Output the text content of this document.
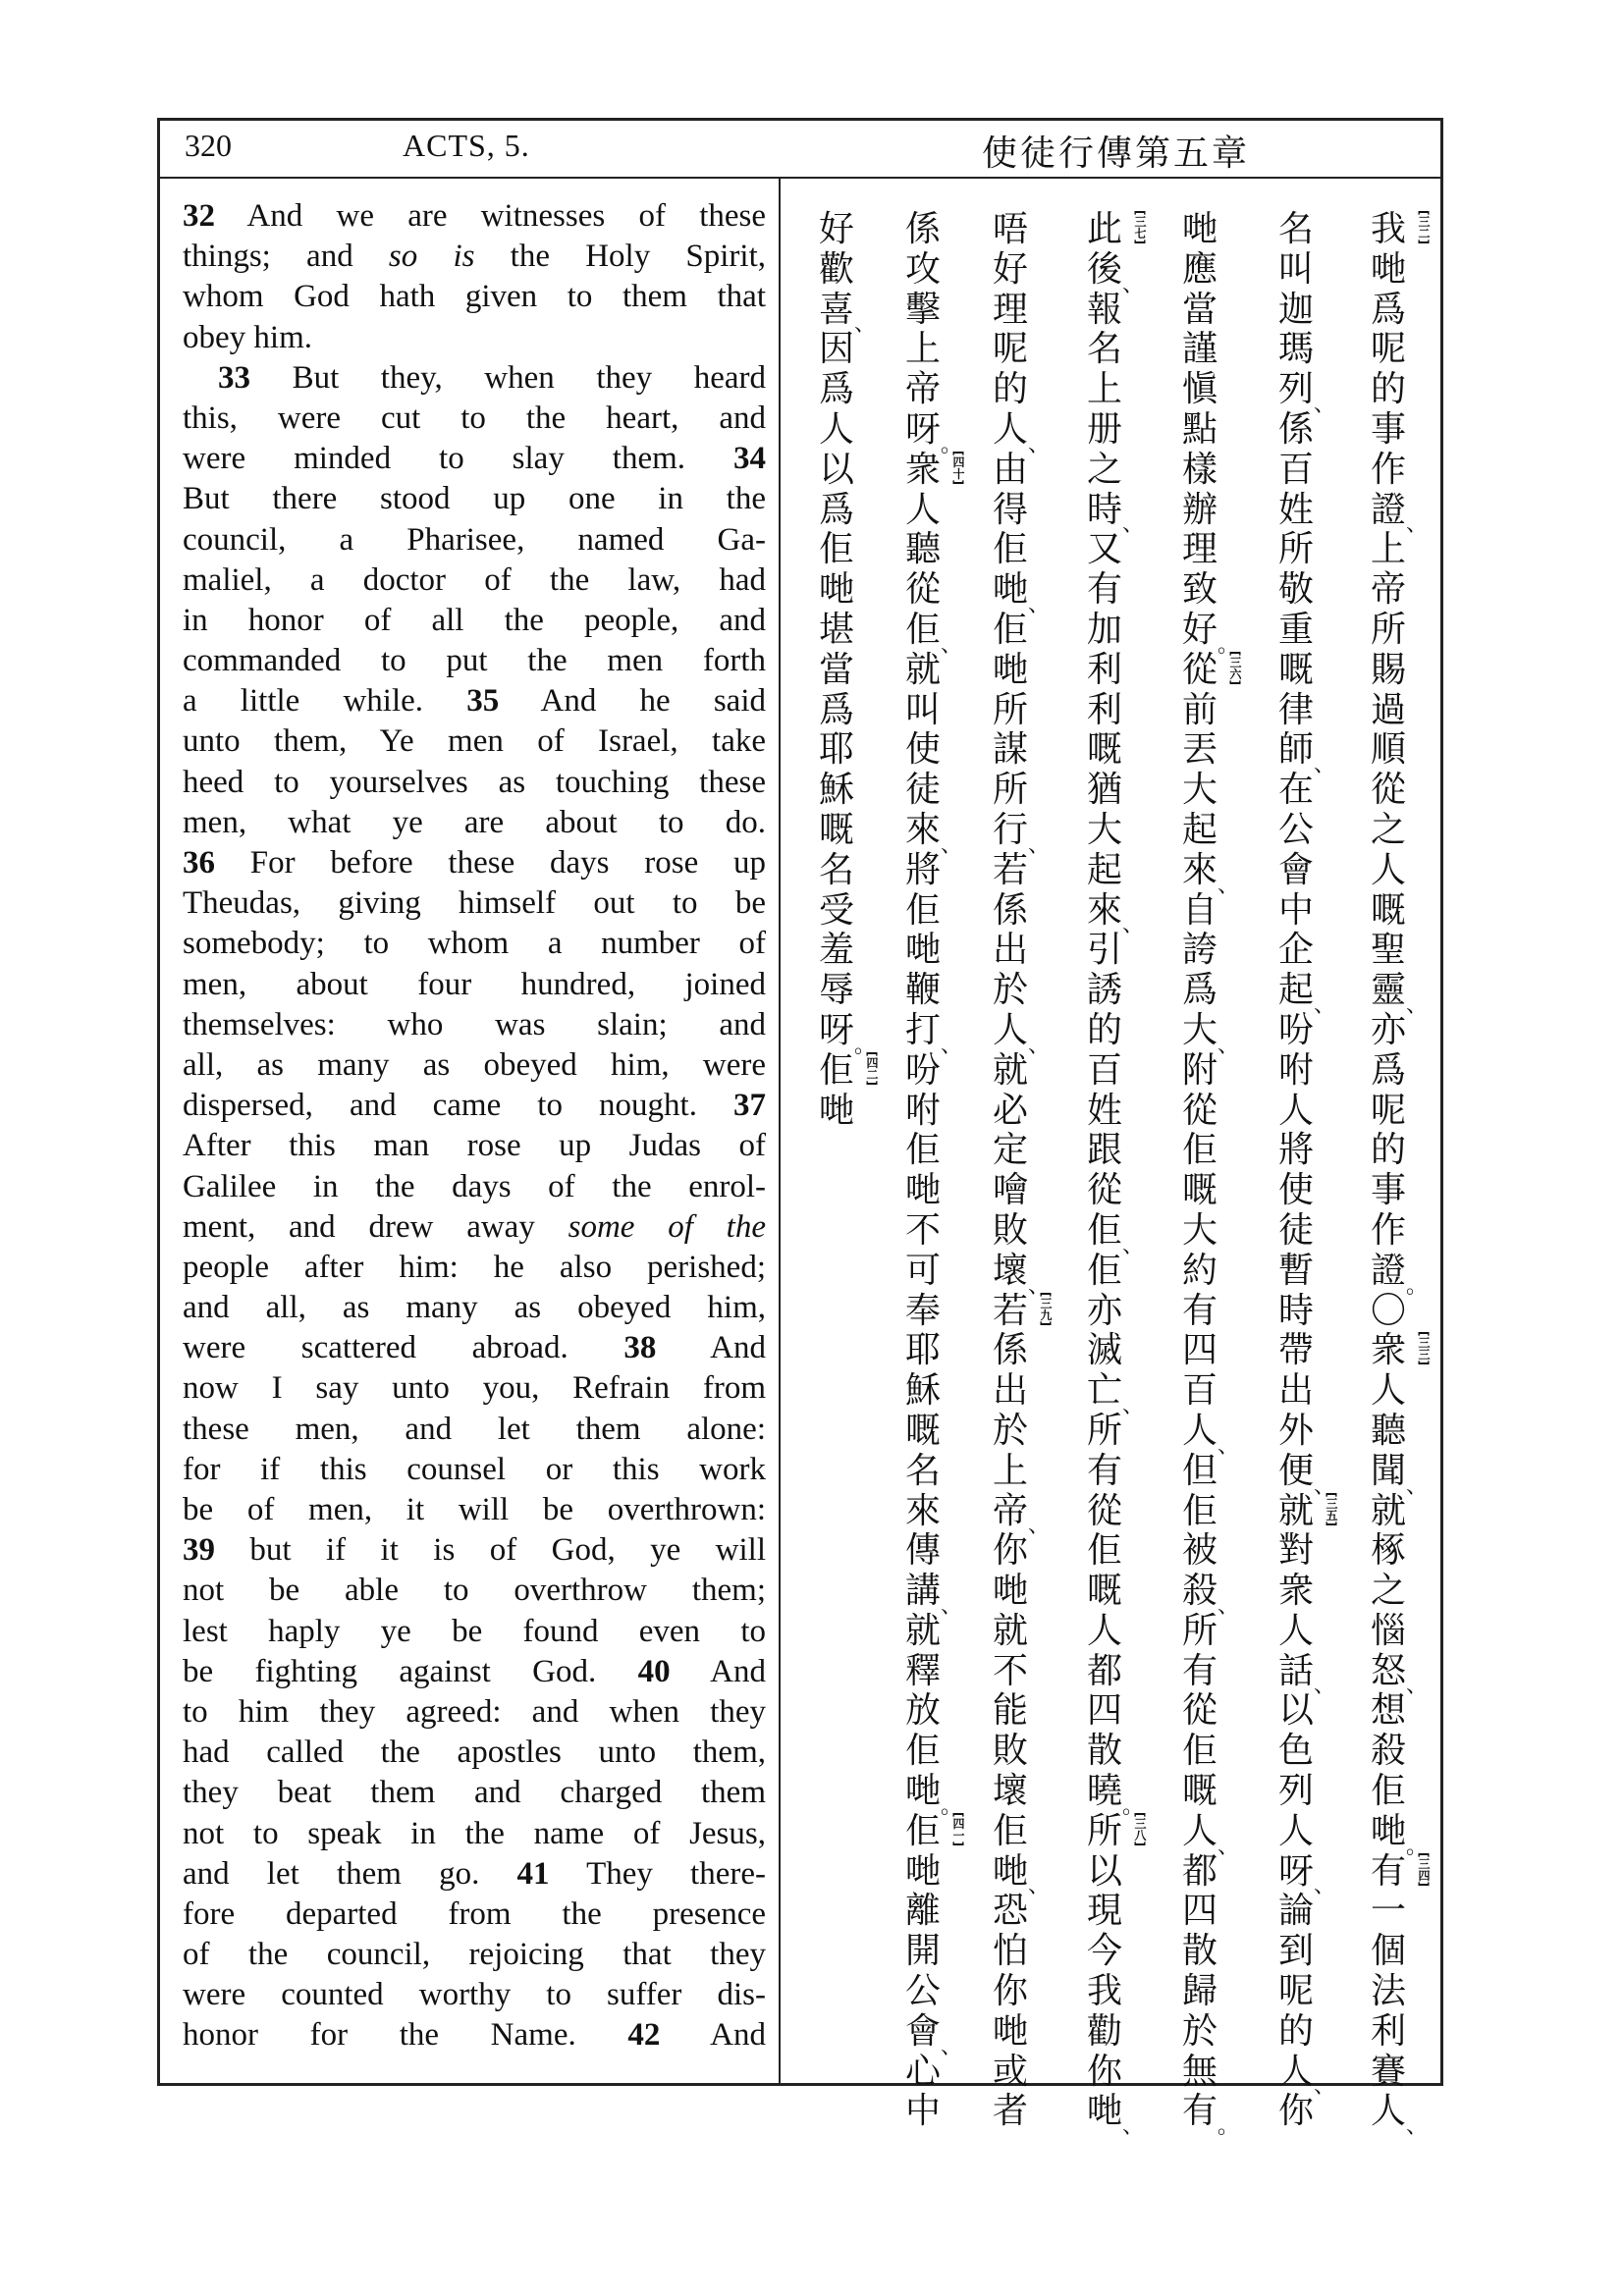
320	ACTS, 5.	使徒行傳第五章
32 And we are witnesses of these
things; and so is the Holy Spirit,
whom God hath given to them that
obey him.
33 But they, when they heard
this, were cut to the heart, and
were minded to slay them. 34
But there stood up one in the
council, a Pharisee, named Ga-
maliel, a doctor of the law, had
in honor of all the people, and
commanded to put the men forth
a little while. 35 And he said
unto them, Ye men of Israel, take
heed to yourselves as touching these
men, what ye are about to do.
36 For before these days rose up
Theudas, giving himself out to be
somebody; to whom a number of
men, about four hundred, joined
themselves: who was slain; and
all, as many as obeyed him, were
dispersed, and came to nought. 37
After this man rose up Judas of
Galilee in the days of the enrol-
ment, and drew away some of the
people after him: he also perished;
and all, as many as obeyed him,
were scattered abroad. 38 And
now I say unto you, Refrain from
these men, and let them alone:
for if this counsel or this work
be of men, it will be overthrown:
39 but if it is of God, ye will
not be able to overthrow them;
lest haply ye be found even to
be fighting against God. 40 And
to him they agreed: and when they
had called the apostles unto them,
they beat them and charged them
not to speak in the name of Jesus,
and let them go. 41 They there-
fore departed from the presence
of the council, rejoicing that they
were counted worthy to suffer dis-
honor for the Name. 42 And
[三二]
我
哋
爲
呢
的
事
作
證 、
上
帝
所
賜
過
順
從
之
人
嘅
聖
靈 、
亦
爲
呢
的
事
作
證 。
〇
[三三]
衆
人
聽
聞 、
就
椓
之
惱
怒 、
想
殺
佢
哋 。
[三四]
有
一
個
法
利
賽
人 、
名
叫
迦
瑪
列 、
係
百
姓
所
敬
重
嘅
律
師 、
在
公
會
中
企
起 、
吩
咐
人
將
使
徒
暫
時
帶
出
外
便 、
[三五]
就
對
衆
人
話 、
以
色
列
人
呀 、
論
到
呢
的
人 、
你
哋
應
當
謹
愼
點
樣
辦
理
致
好 。
[三六]
從
前
丟
大
起
來 、
自
誇
爲
大 、
附
從
佢
嘅
大
約
有
四
百
人 、
但
佢
被
殺 、
所
有
從
佢
嘅
人 、
都
四
散
歸
於
無
有 。
[三七]
此
後 、
報
名
上
册
之
時 、
又
有
加
利
利
嘅
猶
大
起
來 、
引
誘
的
百
姓
跟
從
佢 、
佢
亦
滅
亡 、
所
有
從
佢
嘅
人
都
四
散
曉 。
[三八]
所
以
現
今
我
勸
你
哋 、
唔
好
理
呢
的
人 、
由
得
佢
哋 、
佢
哋
所
謀
所
行 、
若
係
出
於
人 、
就
必
定
噲
敗
壞 、
[三九]
若
係
出
於
上
帝 、
你
哋
就
不
能
敗
壞
佢
哋 、
恐
怕
你
哋
或
者
係
攻
擊
上
帝
呀 。
[四十]
衆
人
聽
從
佢 、
就
叫
使
徒
來 、
將
佢
哋
鞭
打 、
吩
咐
佢
哋
不
可
奉
耶
穌
嘅
名
來
傳
講 、
就
釋
放
佢
哋 。
[四一]
佢
哋
離
開
公
會 、
心
中
好
歡
喜 、
因
爲
人
以
爲
佢
哋
堪
當
爲
耶
穌
嘅
名
受
羞
辱
呀 。
[四二]
佢
哋
